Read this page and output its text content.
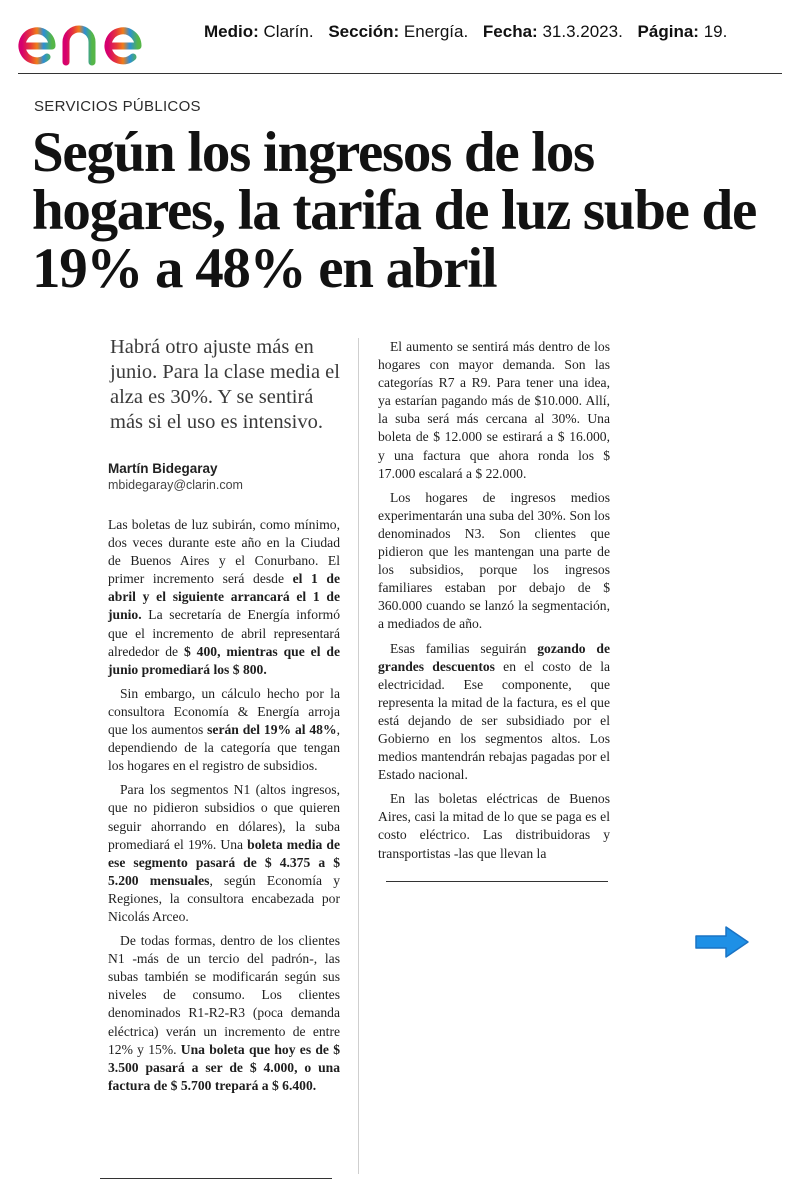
Medio: Clarín. Sección: Energía. Fecha: 31.3.2023. Página: 19.
SERVICIOS PÚBLICOS
Según los ingresos de los hogares, la tarifa de luz sube de 19% a 48% en abril

Habrá otro ajuste más en junio. Para la clase media el alza es 30%. Y se sentirá más si el uso es intensivo.

Martín Bidegaray
mbidegaray@clarin.com

Las boletas de luz subirán, como mínimo, dos veces durante este año en la Ciudad de Buenos Aires y el Conurbano. El primer incremento será desde el 1 de abril y el siguiente arrancará el 1 de junio. La secretaría de Energía informó que el incremento de abril representará alrededor de $ 400, mientras que el de junio promediará los $ 800.

Sin embargo, un cálculo hecho por la consultora Economía & Energía arroja que los aumentos serán del 19% al 48%, dependiendo de la categoría que tengan los hogares en el registro de subsidios.

Para los segmentos N1 (altos ingresos, que no pidieron subsidios o que quieren seguir ahorrando en dólares), la suba promediará el 19%. Una boleta media de ese segmento pasará de $ 4.375 a $ 5.200 mensuales, según Economía y Regiones, la consultora encabezada por Nicolás Arceo.

De todas formas, dentro de los clientes N1 -más de un tercio del padrón-, las subas también se modificarán según sus niveles de consumo. Los clientes denominados R1-R2-R3 (poca demanda eléctrica) verán un incremento de entre 12% y 15%. Una boleta que hoy es de $ 3.500 pasará a ser de $ 4.000, o una factura de $ 5.700 trepará a $ 6.400.

El aumento se sentirá más dentro de los hogares con mayor demanda. Son las categorías R7 a R9. Para tener una idea, ya estarían pagando más de $10.000. Allí, la suba será más cercana al 30%. Una boleta de $ 12.000 se estirará a $ 16.000, y una factura que ahora ronda los $ 17.000 escalará a $ 22.000.

Los hogares de ingresos medios experimentarán una suba del 30%. Son los denominados N3. Son clientes que pidieron que les mantengan una parte de los subsidios, porque los ingresos familiares estaban por debajo de $ 360.000 cuando se lanzó la segmentación, a mediados de año.

Esas familias seguirán gozando de grandes descuentos en el costo de la electricidad. Ese componente, que representa la mitad de la factura, es el que está dejando de ser subsidiado por el Gobierno en los segmentos altos. Los medios mantendrán rebajas pagadas por el Estado nacional.

En las boletas eléctricas de Buenos Aires, casi la mitad de lo que se paga es el costo eléctrico. Las distribuidoras y transportistas -las que llevan la
